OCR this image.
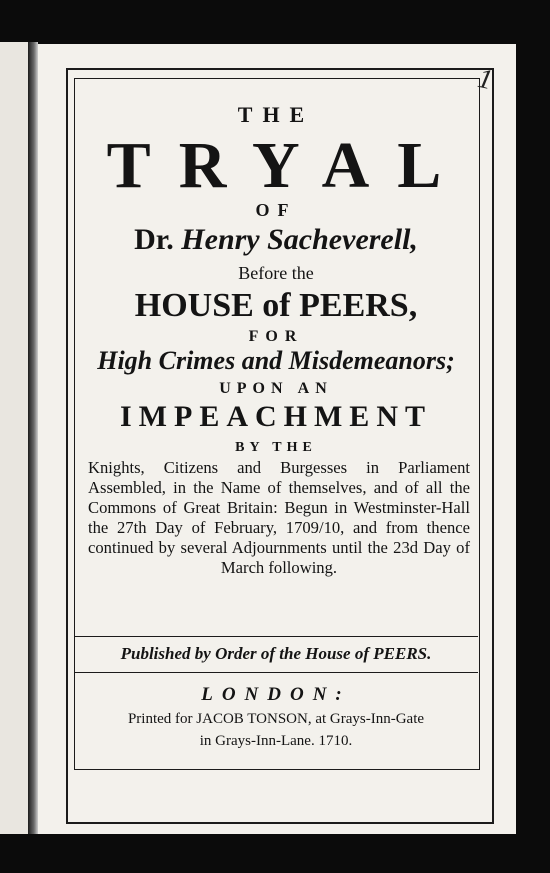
1
THE
TRYAL
OF
Dr. Henry Sacheverell,
Before the
HOUSE of PEERS,
FOR
High Crimes and Misdemeanors;
UPON AN
IMPEACHMENT
BY THE
Knights, Citizens and Burgesses in Parliament Assembled, in the Name of themselves, and of all the Commons of Great Britain: Begun in Westminster-Hall the 27th Day of February, 1709/10, and from thence continued by several Adjournments until the 23d Day of March following.
Published by Order of the House of PEERS.
LONDON:
Printed for JACOB TONSON, at Grays-Inn-Gate
in Grays-Inn-Lane. 1710.
